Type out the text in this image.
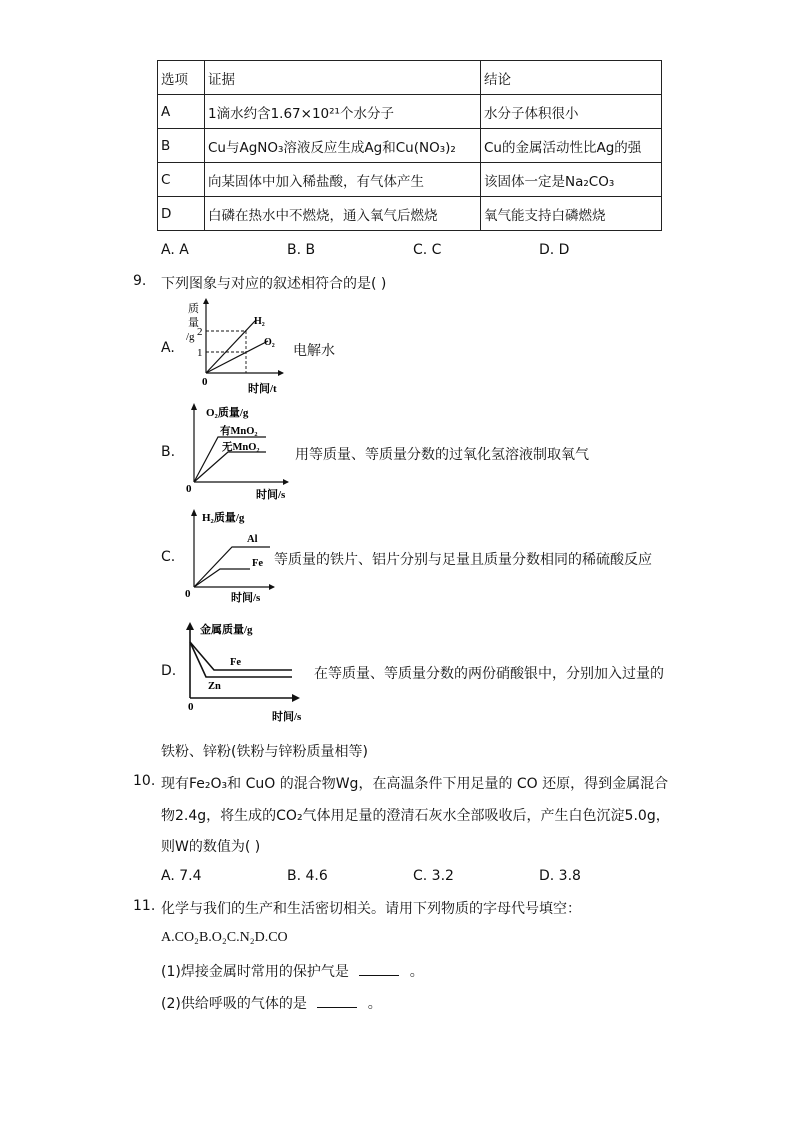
选项	证据	结论
A	1滴水约含1.67×10²¹个水分子	水分子体积很小
B	Cu与AgNO₃溶液反应生成Ag和Cu(NO₃)₂	Cu的金属活动性比Ag的强
C	向某固体中加入稀盐酸，有气体产生	该固体一定是Na₂CO₃
D	白磷在热水中不燃烧，通入氧气后燃烧	氧气能支持白磷燃烧
A. A	B. B	C. C	D. D
9. 下列图象与对应的叙述相符合的是( )
A.
质
量
/g 2
1
H₂
O₂
0
时间/t
电解水
B.
O₂质量/g
有MnO₂
无MnO₂
0	时间/s
用等质量、等质量分数的过氧化氢溶液制取氧气
C.
H₂质量/g
Al
Fe
0	时间/s
等质量的铁片、铝片分别与足量且质量分数相同的稀硫酸反应
D.
金属质量/g
Fe
Zn
0
时间/s
在等质量、等质量分数的两份硝酸银中，分别加入过量的
铁粉、锌粉(铁粉与锌粉质量相等)
10. 现有Fe₂O₃和 CuO 的混合物Wg，在高温条件下用足量的 CO 还原，得到金属混合
物2.4g，将生成的CO₂气体用足量的澄清石灰水全部吸收后，产生白色沉淀5.0g，
则W的数值为( )
A. 7.4	B. 4.6	C. 3.2	D. 3.8
11. 化学与我们的生产和生活密切相关。请用下列物质的字母代号填空：
A.CO₂B.O₂C.N₂D.CO
(1)焊接金属时常用的保护气是	。
(2)供给呼吸的气体的是	。
